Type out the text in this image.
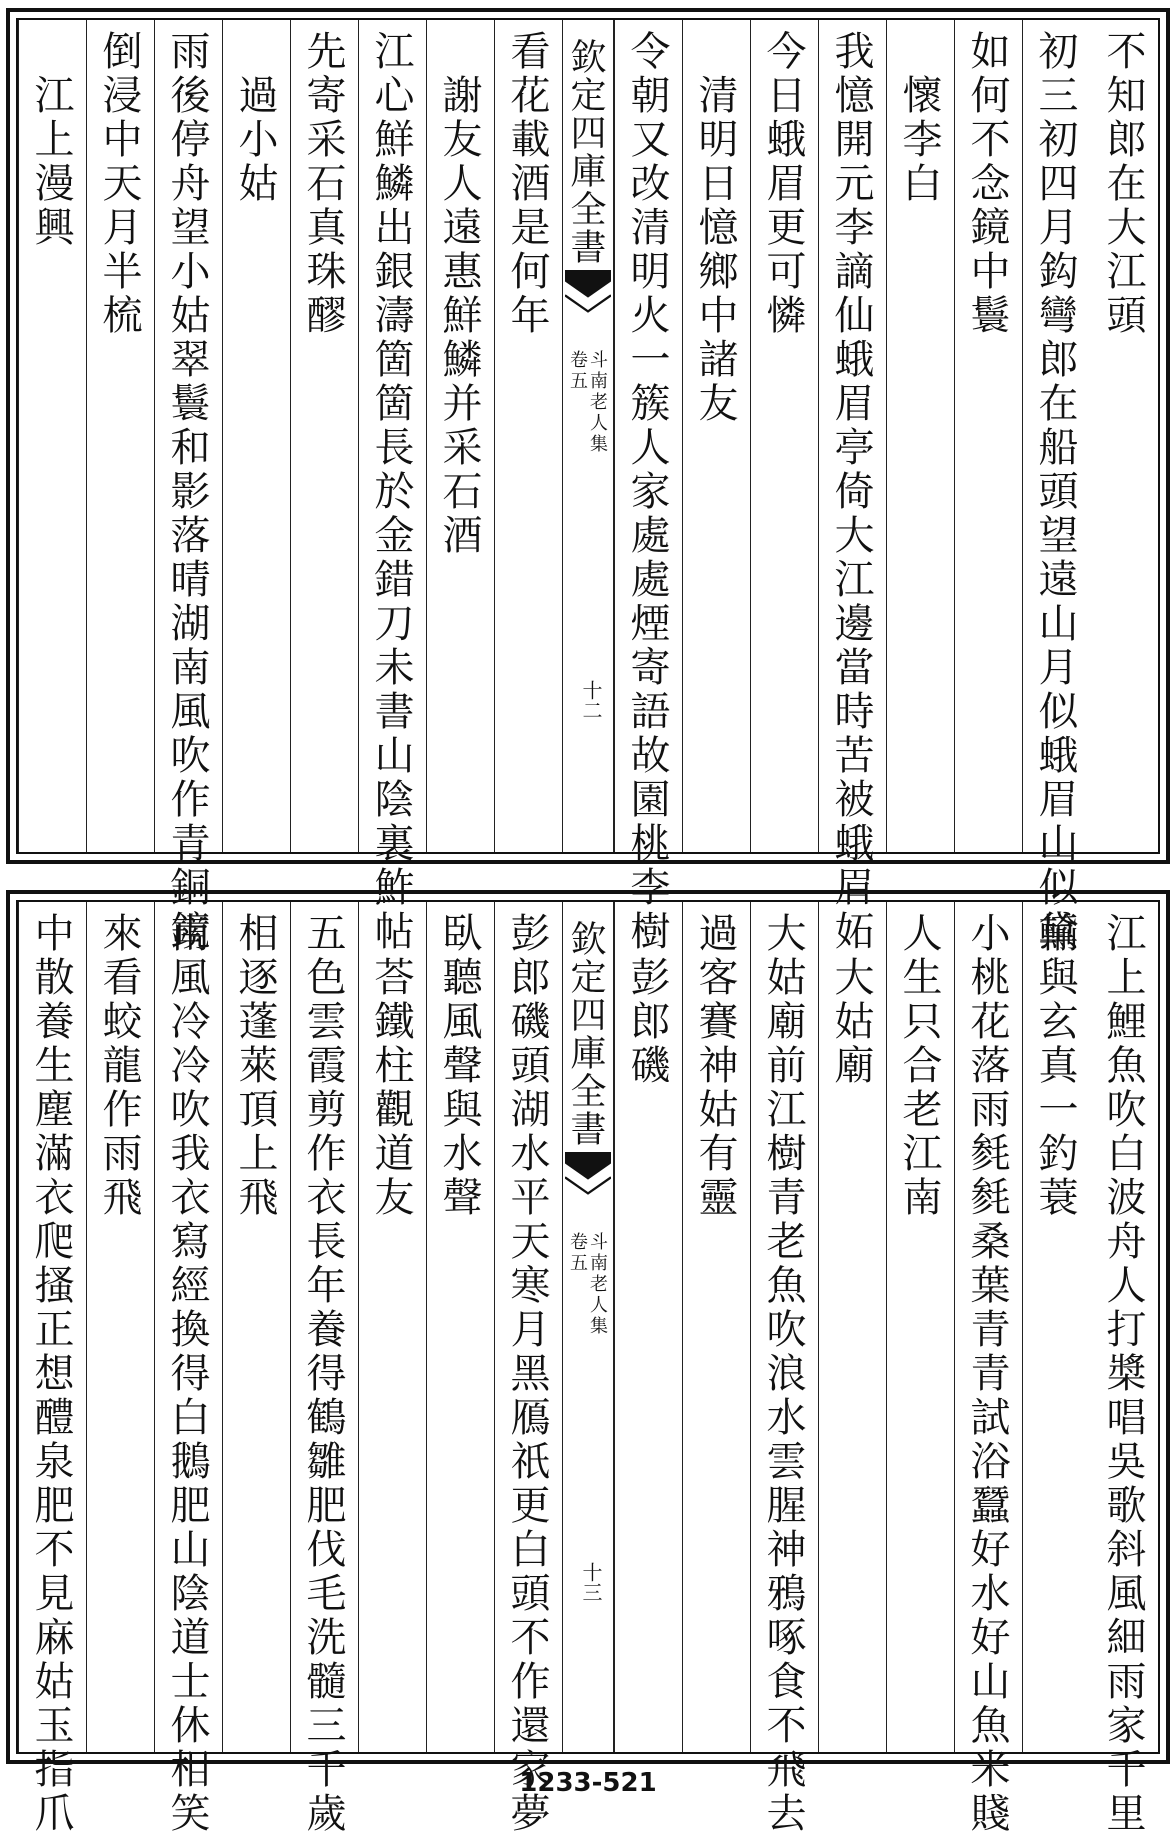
不知郎在大江頭
初三初四月鈎彎郎在船頭望遠山月似蛾眉山似黛
如何不念鏡中鬟
　懷李白
我憶開元李謫仙蛾眉亭倚大江邊當時苦被蛾眉妬
今日蛾眉更可憐
　清明日憶鄉中諸友
令朝又改清明火一簇人家處處煙寄語故園桃李樹
欽定四庫全書
斗南老人集
卷五
十二
看花載酒是何年
　謝友人遠惠鮮鱗并采石酒
江心鮮鱗出銀濤箇箇長於金錯刀未書山陰裏鮓帖
先寄采石真珠醪
　過小姑
雨後停舟望小姑翠鬟和影落晴湖南風吹作青銅鏡
倒浸中天月半梳
　江上漫興
江上鯉魚吹白波舟人打槳唱吳歌斜風細雨家千里
輸與玄真一釣蓑
小桃花落雨毵毵桑葉青青試浴蠶好水好山魚米賤
人生只合老江南
　大姑廟
大姑廟前江樹青老魚吹浪水雲腥神鴉啄食不飛去
過客賽神姑有靈
　彭郎磯
欽定四庫全書
斗南老人集
卷五
十三
彭郎磯頭湖水平天寒月黑鴈祇更白頭不作還家夢
臥聽風聲與水聲
　荅鐵柱觀道友
五色雲霞剪作衣長年養得鶴雛肥伐毛洗髓三千歲
相逐蓬萊頂上飛
南風冷冷吹我衣寫經換得白鵝肥山陰道士休相笑
來看蛟龍作雨飛
中散養生塵滿衣爬搔正想醴泉肥不見麻姑玉指爪	1233-521
